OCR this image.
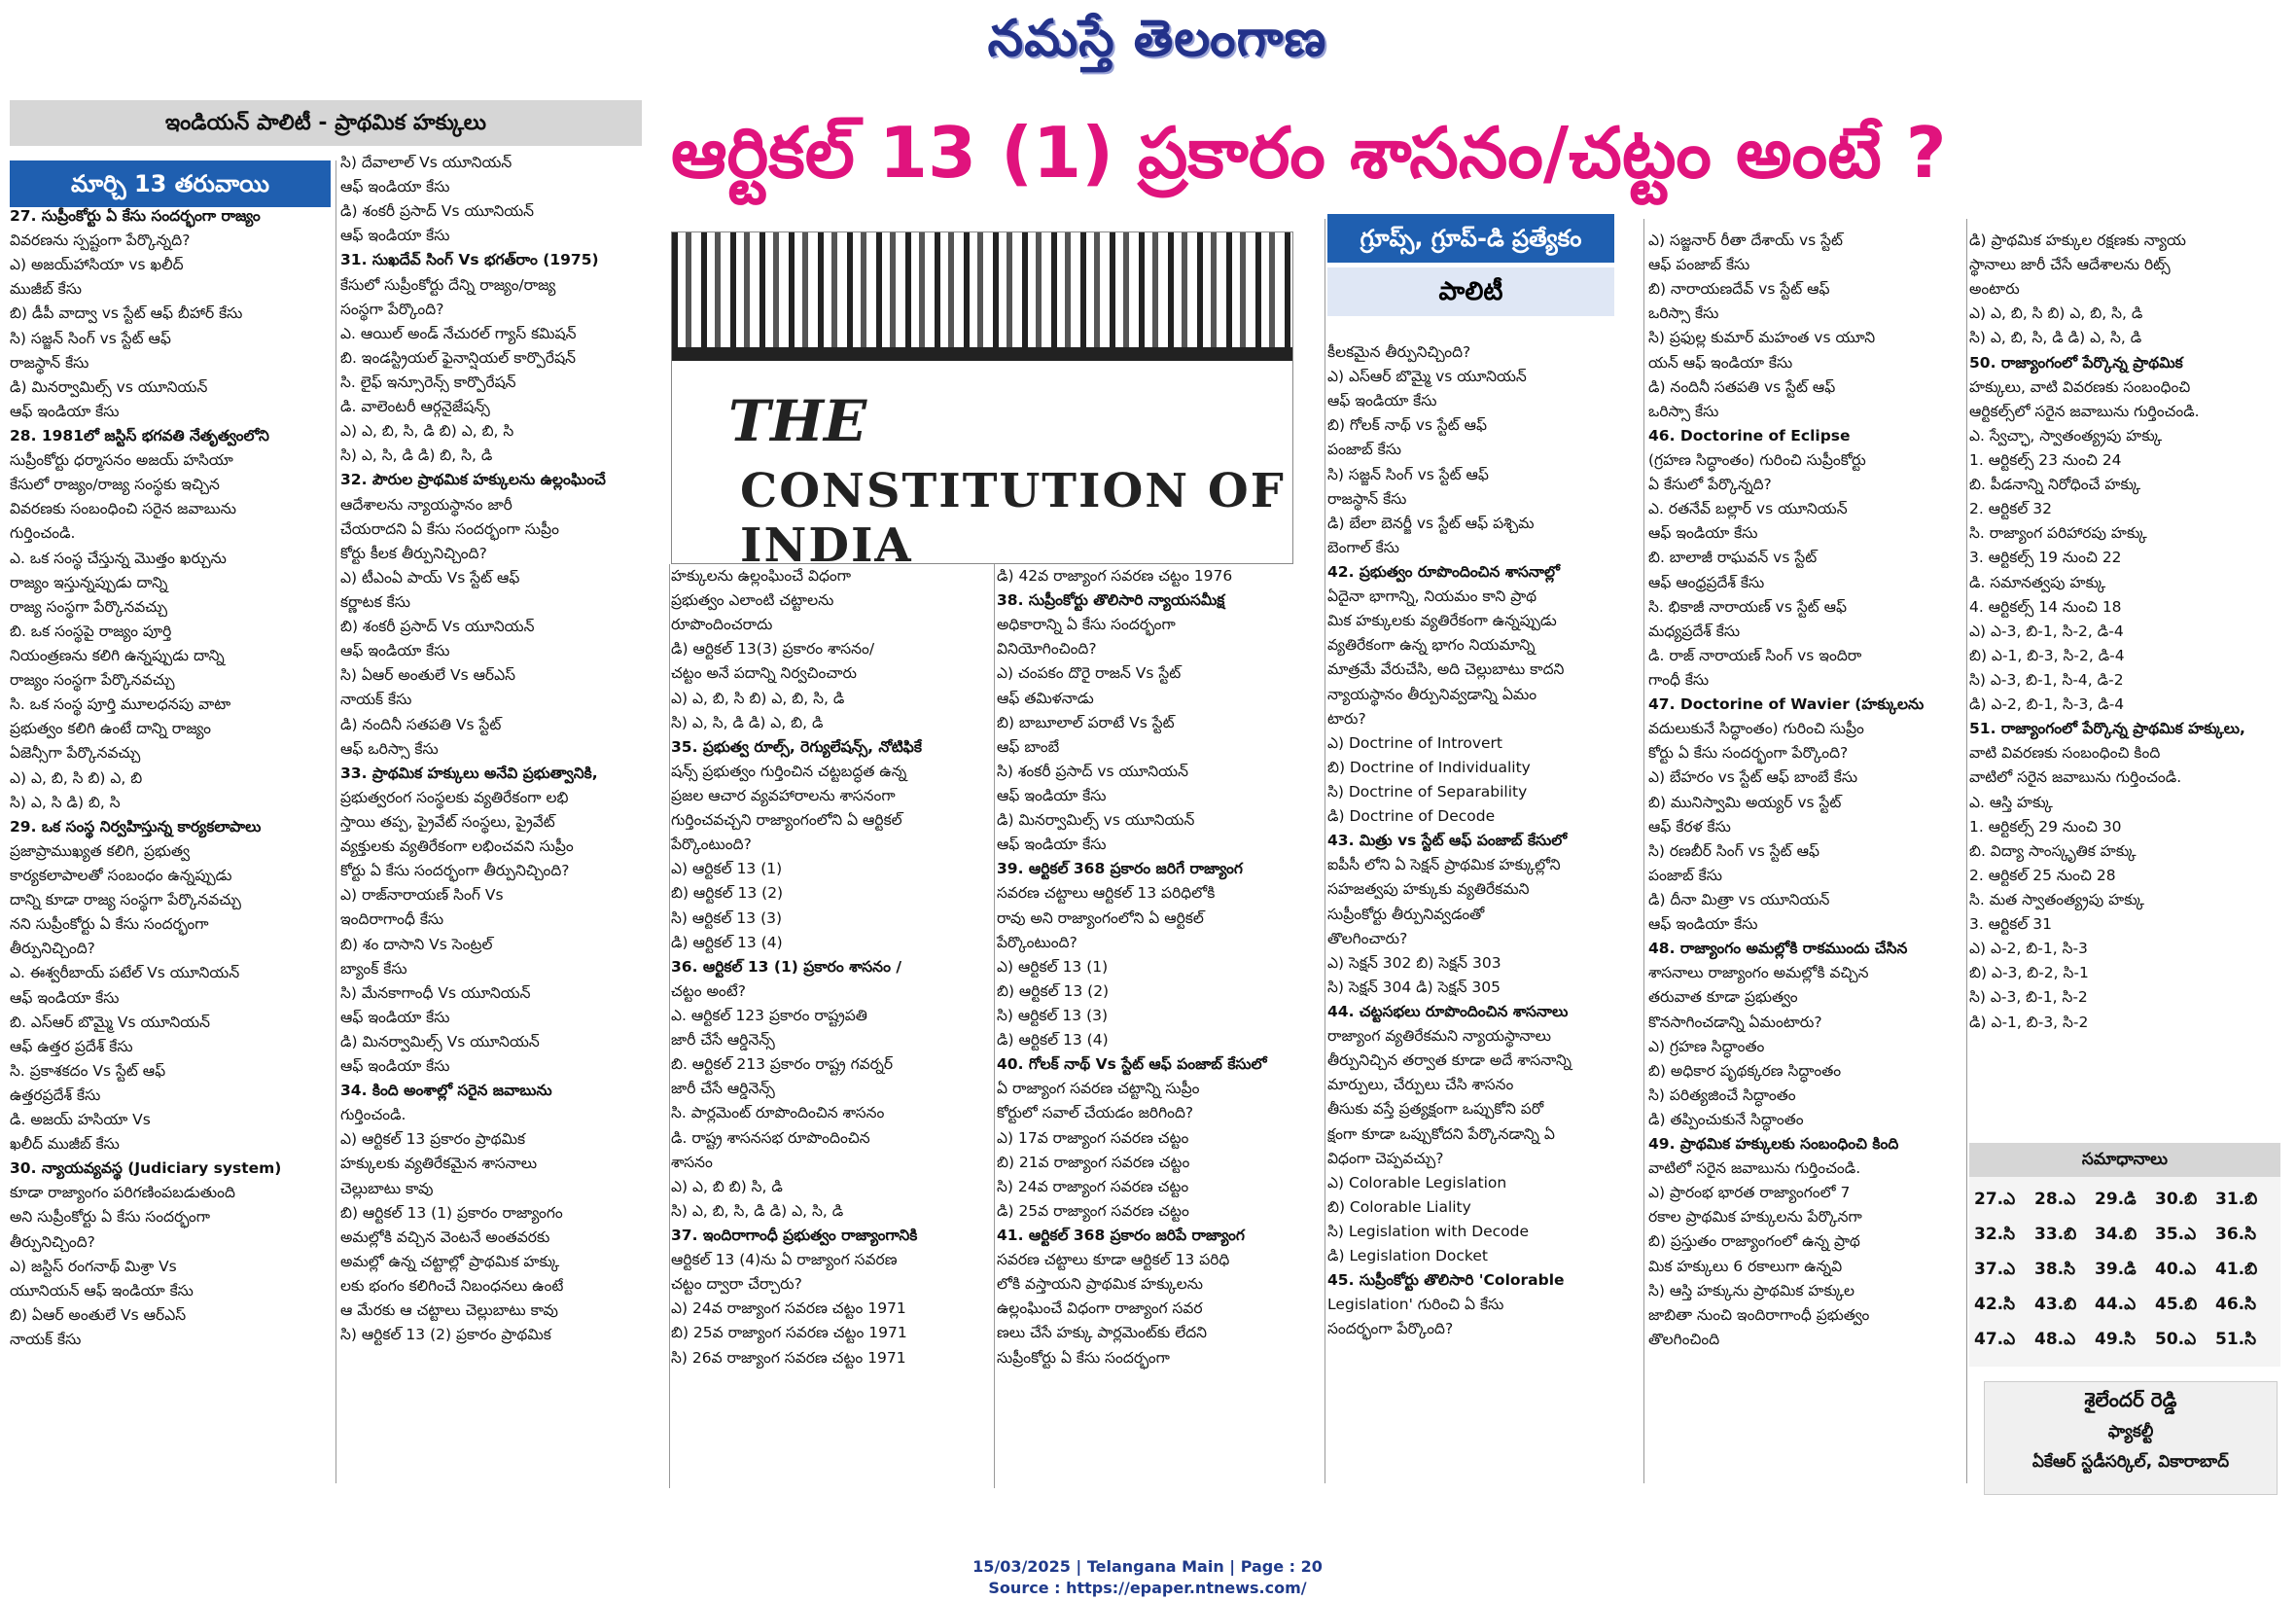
నమస్తే తెలంగాణ
ఇండియన్ పాలిటీ - ప్రాథమిక హక్కులు	ఆర్టికల్ 13 (1) ప్రకారం శాసనం/చట్టం అంటే ?
మార్చి 13 తరువాయి
THE
CONSTITUTION OF INDIA
గ్రూప్స్, గ్రూప్-డి ప్రత్యేకం
పాలిటీ

27. సుప్రీంకోర్టు ఏ కేసు సందర్భంగా రాజ్యం

వివరణను స్పష్టంగా పేర్కొన్నది?

ఎ) అజయ్‌హాసియా vs ఖలీద్

ముజీబ్ కేసు

బి) డీపీ వాద్వా vs స్టేట్ ఆఫ్ బీహార్ కేసు

సి) సజ్జన్ సింగ్ vs స్టేట్ ఆఫ్

రాజస్థాన్ కేసు

డి) మినర్వామిల్స్ vs యూనియన్

ఆఫ్ ఇండియా కేసు

28. 1981లో జస్టిస్ భగవతి నేతృత్వంలోని

సుప్రీంకోర్టు ధర్మాసనం అజయ్ హసియా

కేసులో రాజ్యం/రాజ్య సంస్థకు ఇచ్చిన

వివరణకు సంబంధించి సరైన జవాబును

గుర్తించండి.

ఎ. ఒక సంస్థ చేస్తున్న మొత్తం ఖర్చును

రాజ్యం ఇస్తున్నప్పుడు దాన్ని

రాజ్య సంస్థగా పేర్కొనవచ్చు

బి. ఒక సంస్థపై రాజ్యం పూర్తి

నియంత్రణను కలిగి ఉన్నప్పుడు దాన్ని

రాజ్యం సంస్థగా పేర్కొనవచ్చు

సి. ఒక సంస్థ పూర్తి మూలధనపు వాటా

ప్రభుత్వం కలిగి ఉంటే దాన్ని రాజ్యం

ఏజెన్సీగా పేర్కొనవచ్చు

ఎ) ఎ, బి, సి బి) ఎ, బి

సి) ఎ, సి డి) బి, సి

29. ఒక సంస్థ నిర్వహిస్తున్న కార్యకలాపాలు

ప్రజాప్రాముఖ్యత కలిగి, ప్రభుత్వ

కార్యకలాపాలతో సంబంధం ఉన్నప్పుడు

దాన్ని కూడా రాజ్య సంస్థగా పేర్కొనవచ్చు

నని సుప్రీంకోర్టు ఏ కేసు సందర్భంగా

తీర్పునిచ్చింది?

ఎ. ఈశ్వరీబాయ్ పటేల్ Vs యూనియన్

ఆఫ్ ఇండియా కేసు

బి. ఎస్‌ఆర్ బొమ్మై Vs యూనియన్

ఆఫ్ ఉత్తర ప్రదేశ్ కేసు

సి. ప్రకాశకదం Vs స్టేట్ ఆఫ్

ఉత్తరప్రదేశ్ కేసు

డి. అజయ్ హసియా Vs

ఖలీద్ ముజీబ్ కేసు

30. న్యాయవ్యవస్థ (Judiciary system)

కూడా రాజ్యాంగం పరిగణింపబడుతుంది

అని సుప్రీంకోర్టు ఏ కేసు సందర్భంగా

తీర్పునిచ్చింది?

ఎ) జస్టిస్ రంగనాథ్ మిశ్రా Vs

యూనియన్ ఆఫ్ ఇండియా కేసు

బి) ఏఆర్ అంతులే Vs ఆర్‌ఎస్

నాయక్ కేసు

సి) దేవాలాల్ Vs యూనియన్

ఆఫ్ ఇండియా కేసు

డి) శంకరీ ప్రసాద్ Vs యూనియన్

ఆఫ్ ఇండియా కేసు

31. సుఖదేవ్ సింగ్ Vs భగత్‌రాం (1975)

కేసులో సుప్రీంకోర్టు దేన్ని రాజ్యం/రాజ్య

సంస్థగా పేర్కొంది?

ఎ. ఆయిల్ అండ్ నేచురల్ గ్యాస్ కమిషన్

బి. ఇండస్ట్రియల్ ఫైనాన్షియల్ కార్పొరేషన్

సి. లైఫ్ ఇన్సూరెన్స్ కార్పొరేషన్

డి. వాలెంటరీ ఆర్గనైజేషన్స్

ఎ) ఎ, బి, సి, డి బి) ఎ, బి, సి

సి) ఎ, సి, డి డి) బి, సి, డి

32. పౌరుల ప్రాథమిక హక్కులను ఉల్లంఘించే

ఆదేశాలను న్యాయస్థానం జారీ

చేయరాదని ఏ కేసు సందర్భంగా సుప్రీం

కోర్టు కీలక తీర్పునిచ్చింది?

ఎ) టీఎంఏ పాయ్ Vs స్టేట్ ఆఫ్

కర్ణాటక కేసు

బి) శంకరీ ప్రసాద్ Vs యూనియన్

ఆఫ్ ఇండియా కేసు

సి) ఏఆర్ అంతులే Vs ఆర్‌ఎస్

నాయక్ కేసు

డి) నందినీ సతపతి Vs స్టేట్

ఆఫ్ ఒరిస్సా కేసు

33. ప్రాథమిక హక్కులు అనేవి ప్రభుత్వానికి,

ప్రభుత్వరంగ సంస్థలకు వ్యతిరేకంగా లభి

స్తాయి తప్ప, ప్రైవేట్ సంస్థలు, ప్రైవేట్

వ్యక్తులకు వ్యతిరేకంగా లభించవని సుప్రీం

కోర్టు ఏ కేసు సందర్భంగా తీర్పునిచ్చింది?

ఎ) రాజ్‌నారాయణ్ సింగ్ Vs

ఇందిరాగాంధీ కేసు

బి) శం దాసాని Vs సెంట్రల్

బ్యాంక్ కేసు

సి) మేనకాగాంధీ Vs యూనియన్

ఆఫ్ ఇండియా కేసు

డి) మినర్వామిల్స్ Vs యూనియన్

ఆఫ్ ఇండియా కేసు

34. కింది అంశాల్లో సరైన జవాబును

గుర్తించండి.

ఎ) ఆర్టికల్ 13 ప్రకారం ప్రాథమిక

హక్కులకు వ్యతిరేకమైన శాసనాలు

చెల్లుబాటు కావు

బి) ఆర్టికల్ 13 (1) ప్రకారం రాజ్యాంగం

అమల్లోకి వచ్చిన వెంటనే అంతవరకు

అమల్లో ఉన్న చట్టాల్లో ప్రాథమిక హక్కు

లకు భంగం కలిగించే నిబంధనలు ఉంటే

ఆ మేరకు ఆ చట్టాలు చెల్లుబాటు కావు

సి) ఆర్టికల్ 13 (2) ప్రకారం ప్రాథమిక

హక్కులను ఉల్లంఘించే విధంగా

ప్రభుత్వం ఎలాంటి చట్టాలను

రూపొందించరాదు

డి) ఆర్టికల్ 13(3) ప్రకారం శాసనం/

చట్టం అనే పదాన్ని నిర్వచించారు

ఎ) ఎ, బి, సి బి) ఎ, బి, సి, డి

సి) ఎ, సి, డి డి) ఎ, బి, డి

35. ప్రభుత్వ రూల్స్, రెగ్యులేషన్స్, నోటిఫికే

షన్స్ ప్రభుత్వం గుర్తించిన చట్టబద్ధత ఉన్న

ప్రజల ఆచార వ్యవహారాలను శాసనంగా

గుర్తించవచ్చని రాజ్యాంగంలోని ఏ ఆర్టికల్

పేర్కొంటుంది?

ఎ) ఆర్టికల్ 13 (1)

బి) ఆర్టికల్ 13 (2)

సి) ఆర్టికల్ 13 (3)

డి) ఆర్టికల్ 13 (4)

36. ఆర్టికల్ 13 (1) ప్రకారం శాసనం /

చట్టం అంటే?

ఎ. ఆర్టికల్ 123 ప్రకారం రాష్ట్రపతి

జారీ చేసే ఆర్డినెన్స్

బి. ఆర్టికల్ 213 ప్రకారం రాష్ట్ర గవర్నర్

జారీ చేసే ఆర్డినెన్స్

సి. పార్లమెంట్ రూపొందించిన శాసనం

డి. రాష్ట్ర శాసనసభ రూపొందించిన

శాసనం

ఎ) ఎ, బి బి) సి, డి

సి) ఎ, బి, సి, డి డి) ఎ, సి, డి

37. ఇందిరాగాంధీ ప్రభుత్వం రాజ్యాంగానికి

ఆర్టికల్ 13 (4)ను ఏ రాజ్యాంగ సవరణ

చట్టం ద్వారా చేర్చారు?

ఎ) 24వ రాజ్యాంగ సవరణ చట్టం 1971

బి) 25వ రాజ్యాంగ సవరణ చట్టం 1971

సి) 26వ రాజ్యాంగ సవరణ చట్టం 1971

డి) 42వ రాజ్యాంగ సవరణ చట్టం 1976

38. సుప్రీంకోర్టు తొలిసారి న్యాయసమీక్ష

అధికారాన్ని ఏ కేసు సందర్భంగా

వినియోగించింది?

ఎ) చంపకం దొరై రాజన్ Vs స్టేట్

ఆఫ్ తమిళనాడు

బి) బాబూలాల్ పరాటే Vs స్టేట్

ఆఫ్ బాంబే

సి) శంకరీ ప్రసాద్ vs యూనియన్

ఆఫ్ ఇండియా కేసు

డి) మినర్వామిల్స్ vs యూనియన్

ఆఫ్ ఇండియా కేసు

39. ఆర్టికల్ 368 ప్రకారం జరిగే రాజ్యాంగ

సవరణ చట్టాలు ఆర్టికల్ 13 పరిధిలోకి

రావు అని రాజ్యాంగంలోని ఏ ఆర్టికల్

పేర్కొంటుంది?

ఎ) ఆర్టికల్ 13 (1)

బి) ఆర్టికల్ 13 (2)

సి) ఆర్టికల్ 13 (3)

డి) ఆర్టికల్ 13 (4)

40. గోలక్ నాథ్ Vs స్టేట్ ఆఫ్ పంజాబ్ కేసులో

ఏ రాజ్యాంగ సవరణ చట్టాన్ని సుప్రీం

కోర్టులో సవాల్ చేయడం జరిగింది?

ఎ) 17వ రాజ్యాంగ సవరణ చట్టం

బి) 21వ రాజ్యాంగ సవరణ చట్టం

సి) 24వ రాజ్యాంగ సవరణ చట్టం

డి) 25వ రాజ్యాంగ సవరణ చట్టం

41. ఆర్టికల్ 368 ప్రకారం జరిపే రాజ్యాంగ

సవరణ చట్టాలు కూడా ఆర్టికల్ 13 పరిధి

లోకి వస్తాయని ప్రాథమిక హక్కులను

ఉల్లంఘించే విధంగా రాజ్యాంగ సవర

ణలు చేసే హక్కు పార్లమెంట్‌కు లేదని

సుప్రీంకోర్టు ఏ కేసు సందర్భంగా

కీలకమైన తీర్పునిచ్చింది?

ఎ) ఎస్‌ఆర్ బొమ్మై vs యూనియన్

ఆఫ్ ఇండియా కేసు

బి) గోలక్ నాథ్ vs స్టేట్ ఆఫ్

పంజాబ్ కేసు

సి) సజ్జన్ సింగ్ vs స్టేట్ ఆఫ్

రాజస్థాన్ కేసు

డి) బేలా బెనర్జీ vs స్టేట్ ఆఫ్ పశ్చిమ

బెంగాల్ కేసు

42. ప్రభుత్వం రూపొందించిన శాసనాల్లో

ఏదైనా భాగాన్ని, నియమం కాని ప్రాథ

మిక హక్కులకు వ్యతిరేకంగా ఉన్నప్పుడు

వ్యతిరేకంగా ఉన్న భాగం నియమాన్ని

మాత్రమే వేరుచేసి, అది చెల్లుబాటు కాదని

న్యాయస్థానం తీర్పునివ్వడాన్ని ఏమం

టారు?

ఎ) Doctrine of Introvert

బి) Doctrine of Individuality

సి) Doctrine of Separability

డి) Doctrine of Decode

43. మిత్రు vs స్టేట్ ఆఫ్ పంజాబ్ కేసులో

ఐపీసీ లోని ఏ సెక్షన్ ప్రాథమిక హక్కుల్లోని

సహజత్వపు హక్కుకు వ్యతిరేకమని

సుప్రీంకోర్టు తీర్పునివ్వడంతో

తొలగించారు?

ఎ) సెక్షన్ 302 బి) సెక్షన్ 303

సి) సెక్షన్ 304 డి) సెక్షన్ 305

44. చట్టసభలు రూపొందించిన శాసనాలు

రాజ్యాంగ వ్యతిరేకమని న్యాయస్థానాలు

తీర్పునిచ్చిన తర్వాత కూడా అదే శాసనాన్ని

మార్పులు, చేర్పులు చేసి శాసనం

తీసుకు వస్తే ప్రత్యక్షంగా ఒప్పుకోని పరో

క్షంగా కూడా ఒప్పుకోదని పేర్కొనడాన్ని ఏ

విధంగా చెప్పవచ్చు?

ఎ) Colorable Legislation

బి) Colorable Liality

సి) Legislation with Decode

డి) Legislation Docket

45. సుప్రీంకోర్టు తొలిసారి 'Colorable

Legislation' గురించి ఏ కేసు

సందర్భంగా పేర్కొంది?

ఎ) సజ్జనార్ రీతా దేశాయ్ vs స్టేట్

ఆఫ్ పంజాబ్ కేసు

బి) నారాయణదేవ్ vs స్టేట్ ఆఫ్

ఒరిస్సా కేసు

సి) ప్రఫుల్ల కుమార్ మహంత vs యూని

యన్ ఆఫ్ ఇండియా కేసు

డి) నందినీ సతపతి vs స్టేట్ ఆఫ్

ఒరిస్సా కేసు

46. Doctorine of Eclipse

(గ్రహణ సిద్ధాంతం) గురించి సుప్రీంకోర్టు

ఏ కేసులో పేర్కొన్నది?

ఎ. రతనేవ్ బల్లార్ vs యూనియన్

ఆఫ్ ఇండియా కేసు

బి. బాలాజీ రాఘవన్ vs స్టేట్

ఆఫ్ ఆంధ్రప్రదేశ్ కేసు

సి. భికాజీ నారాయణ్ vs స్టేట్ ఆఫ్

మధ్యప్రదేశ్ కేసు

డి. రాజ్ నారాయణ్ సింగ్ vs ఇందిరా

గాంధీ కేసు

47. Doctorine of Wavier (హక్కులను

వదులుకునే సిద్ధాంతం) గురించి సుప్రీం

కోర్టు ఏ కేసు సందర్భంగా పేర్కొంది?

ఎ) బేహరం vs స్టేట్ ఆఫ్ బాంబే కేసు

బి) మునిస్వామి అయ్యర్ vs స్టేట్

ఆఫ్ కేరళ కేసు

సి) రణబీర్ సింగ్ vs స్టేట్ ఆఫ్

పంజాబ్ కేసు

డి) దీనా మిత్రా vs యూనియన్

ఆఫ్ ఇండియా కేసు

48. రాజ్యాంగం అమల్లోకి రాకముందు చేసిన

శాసనాలు రాజ్యాంగం అమల్లోకి వచ్చిన

తరువాత కూడా ప్రభుత్వం

కొనసాగించడాన్ని ఏమంటారు?

ఎ) గ్రహణ సిద్ధాంతం

బి) అధికార పృథక్కరణ సిద్ధాంతం

సి) పరిత్యజించే సిద్ధాంతం

డి) తప్పించుకునే సిద్ధాంతం

49. ప్రాథమిక హక్కులకు సంబంధించి కింది

వాటిలో సరైన జవాబును గుర్తించండి.

ఎ) ప్రారంభ భారత రాజ్యాంగంలో 7

రకాల ప్రాథమిక హక్కులను పేర్కొనగా

బి) ప్రస్తుతం రాజ్యాంగంలో ఉన్న ప్రాథ

మిక హక్కులు 6 రకాలుగా ఉన్నవి

సి) ఆస్తి హక్కును ప్రాథమిక హక్కుల

జాబితా నుంచి ఇందిరాగాంధీ ప్రభుత్వం

తొలగించింది

డి) ప్రాథమిక హక్కుల రక్షణకు న్యాయ

స్థానాలు జారీ చేసే ఆదేశాలను రిట్స్

అంటారు

ఎ) ఎ, బి, సి బి) ఎ, బి, సి, డి

సి) ఎ, బి, సి, డి డి) ఎ, సి, డి

50. రాజ్యాంగంలో పేర్కొన్న ప్రాథమిక

హక్కులు, వాటి వివరణకు సంబంధించి

ఆర్టికల్స్‌లో సరైన జవాబును గుర్తించండి.

ఎ. స్వేచ్ఛా, స్వాతంత్య్రపు హక్కు

1. ఆర్టికల్స్ 23 నుంచి 24

బి. పీడనాన్ని నిరోధించే హక్కు

2. ఆర్టికల్ 32

సి. రాజ్యాంగ పరిహారపు హక్కు

3. ఆర్టికల్స్ 19 నుంచి 22

డి. సమానత్వపు హక్కు

4. ఆర్టికల్స్ 14 నుంచి 18

ఎ) ఎ-3, బి-1, సి-2, డి-4

బి) ఎ-1, బి-3, సి-2, డి-4

సి) ఎ-3, బి-1, సి-4, డి-2

డి) ఎ-2, బి-1, సి-3, డి-4

51. రాజ్యాంగంలో పేర్కొన్న ప్రాథమిక హక్కులు,

వాటి వివరణకు సంబంధించి కింది

వాటిలో సరైన జవాబును గుర్తించండి.

ఎ. ఆస్తి హక్కు

1. ఆర్టికల్స్ 29 నుంచి 30

బి. విద్యా సాంస్కృతిక హక్కు

2. ఆర్టికల్ 25 నుంచి 28

సి. మత స్వాతంత్య్రపు హక్కు

3. ఆర్టికల్ 31

ఎ) ఎ-2, బి-1, సి-3

బి) ఎ-3, బి-2, సి-1

సి) ఎ-3, బి-1, సి-2

డి) ఎ-1, బి-3, సి-2

సమాధానాలు
27.ఎ	28.ఎ	29.డి	30.బి	31.బి
32.సి	33.బి	34.బి	35.ఎ	36.సి
37.ఎ	38.సి	39.డి	40.ఎ	41.బి
42.సి	43.బి	44.ఎ	45.బి	46.సి
47.ఎ	48.ఎ	49.సి	50.ఎ	51.సి
శైలేందర్ రెడ్డి
ఫ్యాకల్టీ
ఏకేఆర్ స్టడీసర్కిల్, వికారాబాద్
15/03/2025 | Telangana Main | Page : 20
Source : https://epaper.ntnews.com/
